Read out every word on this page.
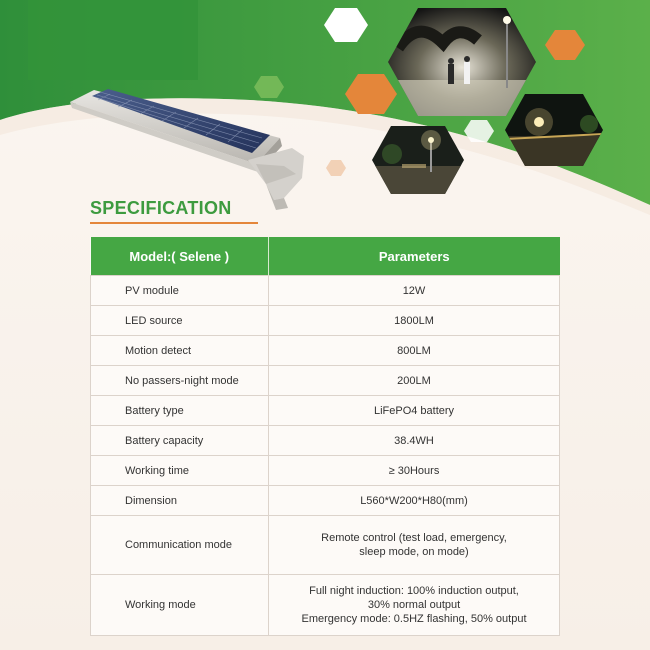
SPECIFICATION
Model:( Selene )	Parameters
PV module	12W
LED source	1800LM
Motion detect	800LM
No passers-night mode	200LM
Battery type	LiFePO4 battery
Battery capacity	38.4WH
Working time	≥ 30Hours
Dimension	L560*W200*H80(mm)
Communication mode	Remote control (test load, emergency,
sleep mode, on mode)

Working mode	Full night induction: 100% induction output,
30% normal output
Emergency mode: 0.5HZ flashing, 50% output
